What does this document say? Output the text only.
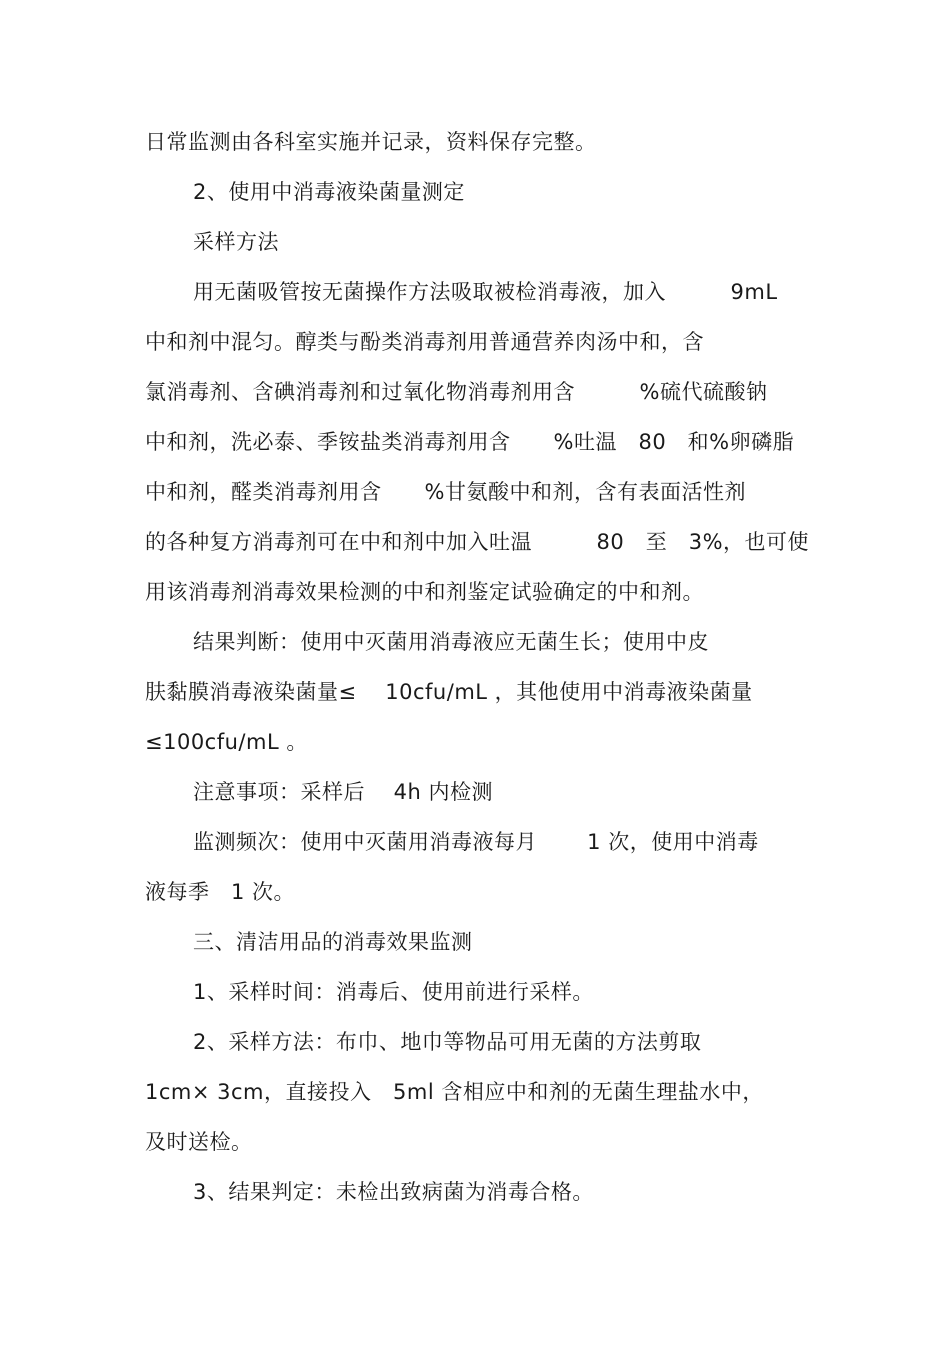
日常监测由各科室实施并记录，资料保存完整。
2、使用中消毒液染菌量测定
采样方法
用无菌吸管按无菌操作方法吸取被检消毒液，加入　　　9mL
中和剂中混匀。醇类与酚类消毒剂用普通营养肉汤中和，含
氯消毒剂、含碘消毒剂和过氧化物消毒剂用含　　　%硫代硫酸钠
中和剂，洗必泰、季铵盐类消毒剂用含　　%吐温　80　和%卵磷脂
中和剂，醛类消毒剂用含　　%甘氨酸中和剂，含有表面活性剂
的各种复方消毒剂可在中和剂中加入吐温　　　80　至　3%，也可使
用该消毒剂消毒效果检测的中和剂鉴定试验确定的中和剂。
结果判断：使用中灭菌用消毒液应无菌生长；使用中皮
肤黏膜消毒液染菌量≤　 10cfu/mL ，其他使用中消毒液染菌量
≤100cfu/mL 。
注意事项：采样后　 4h 内检测
监测频次：使用中灭菌用消毒液每月　　 1 次，使用中消毒
液每季　1 次。
三、清洁用品的消毒效果监测
1、采样时间：消毒后、使用前进行采样。
2、采样方法：布巾、地巾等物品可用无菌的方法剪取
1cm× 3cm，直接投入　5ml 含相应中和剂的无菌生理盐水中，
及时送检。
3、结果判定：未检出致病菌为消毒合格。
